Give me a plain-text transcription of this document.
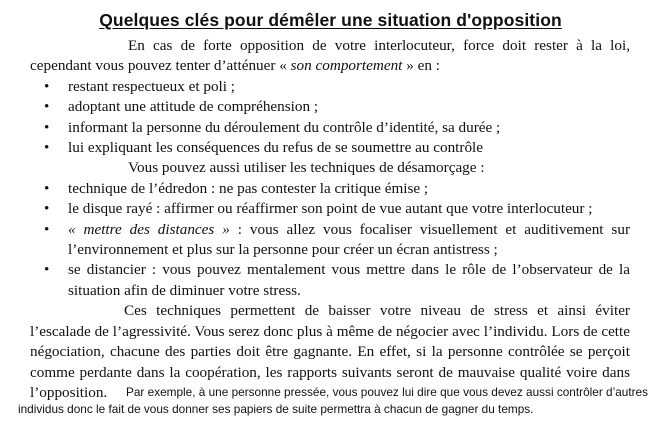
Quelques clés pour démêler une situation d'opposition

En cas de forte opposition de votre interlocuteur, force doit rester à la loi, cependant vous pouvez tenter d’atténuer « son comportement » en :

• restant respectueux et poli ;
• adoptant une attitude de compréhension ;
• informant la personne du déroulement du contrôle d’identité, sa durée ;
• lui expliquant les conséquences du refus de se soumettre au contrôle

Vous pouvez aussi utiliser les techniques de désamorçage :

• technique de l’édredon : ne pas contester la critique émise ;
• le disque rayé : affirmer ou réaffirmer son point de vue autant que votre interlocuteur ;
• « mettre des distances » : vous allez vous focaliser visuellement et auditivement sur l’environnement et plus sur la personne pour créer un écran antistress ;
• se distancier : vous pouvez mentalement vous mettre dans le rôle de l’observateur de la situation afin de diminuer votre stress.

Ces techniques permettent de baisser votre niveau de stress et ainsi éviter l’escalade de l’agressivité. Vous serez donc plus à même de négocier avec l’individu. Lors de cette négociation, chacune des parties doit être gagnante. En effet, si la personne contrôlée se perçoit comme perdante dans la coopération, les rapports suivants seront de mauvaise qualité voire dans l’opposition.	Par exemple, à une personne pressée, vous pouvez lui dire que vous devez aussi contrôler d’autres individus donc le fait de vous donner ses papiers de suite permettra à chacun de gagner du temps.
